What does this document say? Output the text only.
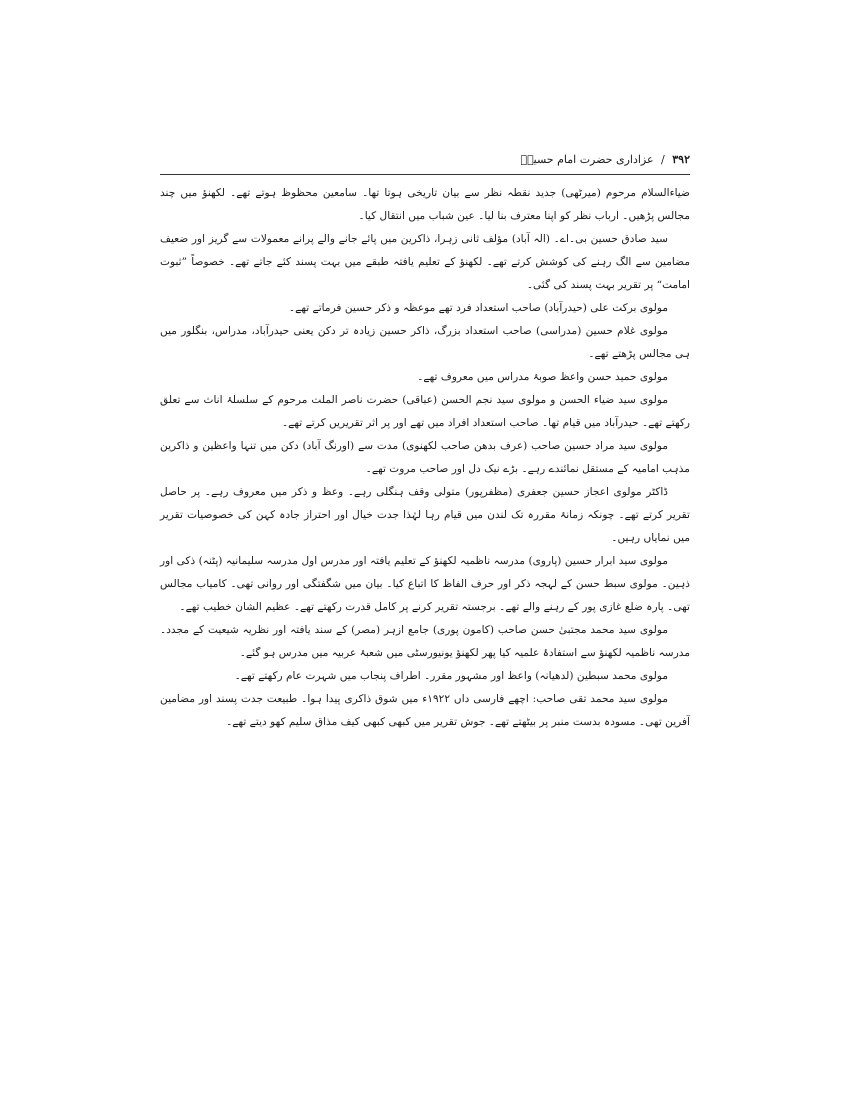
۳۹۲ / عزاداری حضرت امام حسینؑ

ضیاءالسلام مرحوم (میرٹھی) جدید نقطہ نظر سے بیان تاریخی ہوتا تھا۔ سامعین محظوظ ہوتے تھے۔ لکھنؤ میں چند مجالس پڑھیں۔ ارباب نظر کو اپنا معترف بنا لیا۔ عین شباب میں انتقال کیا۔

سید صادق حسین بی۔اے۔ (الہ آباد) مؤلف ثانی زہرا، ذاکرین میں پائے جانے والے پرانے معمولات سے گریز اور ضعیف مضامین سے الگ رہنے کی کوشش کرتے تھے۔ لکھنؤ کے تعلیم یافتہ طبقے میں بہت پسند کئے جاتے تھے۔ خصوصاً ”ثبوت امامت“ پر تقریر بہت پسند کی گئی۔

مولوی برکت علی (حیدرآباد) صاحب استعداد فرد تھے موعظہ و ذکر حسین فرماتے تھے۔

مولوی غلام حسین (مدراسی) صاحب استعداد بزرگ، ذاکر حسین زیادہ تر دکن یعنی حیدرآباد، مدراس، بنگلور میں ہی مجالس پڑھتے تھے۔

مولوی حمید حسن واعظ صوبۂ مدراس میں معروف تھے۔

مولوی سید ضیاء الحسن و مولوی سید نجم الحسن (عباقی) حضرت ناصر الملت مرحوم کے سلسلۂ اناث سے تعلق رکھتے تھے۔ حیدرآباد میں قیام تھا۔ صاحب استعداد افراد میں تھے اور پر اثر تقریریں کرتے تھے۔

مولوی سید مراد حسین صاحب (عرف بدھن صاحب لکھنوی) مدت سے (اورنگ آباد) دکن میں تنہا واعظین و ذاکرین مذہب امامیہ کے مستقل نمائندے رہے۔ بڑے نیک دل اور صاحب مروت تھے۔

ڈاکٹر مولوی اعجاز حسین جعفری (مظفرپور) متولی وقف ہنگلی رہے۔ وعظ و ذکر میں معروف رہے۔ پر حاصل تقریر کرتے تھے۔ چونکہ زمانۂ مقررہ تک لندن میں قیام رہا لہٰذا جدت خیال اور احتراز جادہ کہن کی خصوصیات تقریر میں نمایاں رہیں۔

مولوی سید ابرار حسین (پاروی) مدرسہ ناظمیہ لکھنؤ کے تعلیم یافتہ اور مدرس اول مدرسہ سلیمانیہ (پٹنہ) ذکی اور ذہین۔ مولوی سبط حسن کے لہجہ ذکر اور حرف الفاظ کا اتباع کیا۔ بیان میں شگفتگی اور روانی تھی۔ کامیاب مجالس تھی۔ پارہ ضلع غازی پور کے رہنے والے تھے۔ برجستہ تقریر کرنے پر کامل قدرت رکھتے تھے۔ عظیم الشان خطیب تھے۔

مولوی سید محمد مجتبیٰ حسن صاحب (کامون پوری) جامع ازہر (مصر) کے سند یافتہ اور نظریہ شیعیت کے مجدد۔ مدرسہ ناظمیہ لکھنؤ سے استفادۂ علمیہ کیا پھر لکھنؤ یونیورسٹی میں شعبۂ عربیہ میں مدرس ہو گئے۔

مولوی محمد سبطین (لدھیانہ) واعظ اور مشہور مقرر۔ اطراف پنجاب میں شہرت عام رکھتے تھے۔

مولوی سید محمد تقی صاحب: اچھے فارسی داں ۱۹۲۲ء میں شوق ذاکری پیدا ہوا۔ طبیعت جدت پسند اور مضامین آفرین تھی۔ مسودہ بدست منبر پر بیٹھتے تھے۔ جوش تقریر میں کبھی کبھی کیف مذاق سلیم کھو دیتے تھے۔
